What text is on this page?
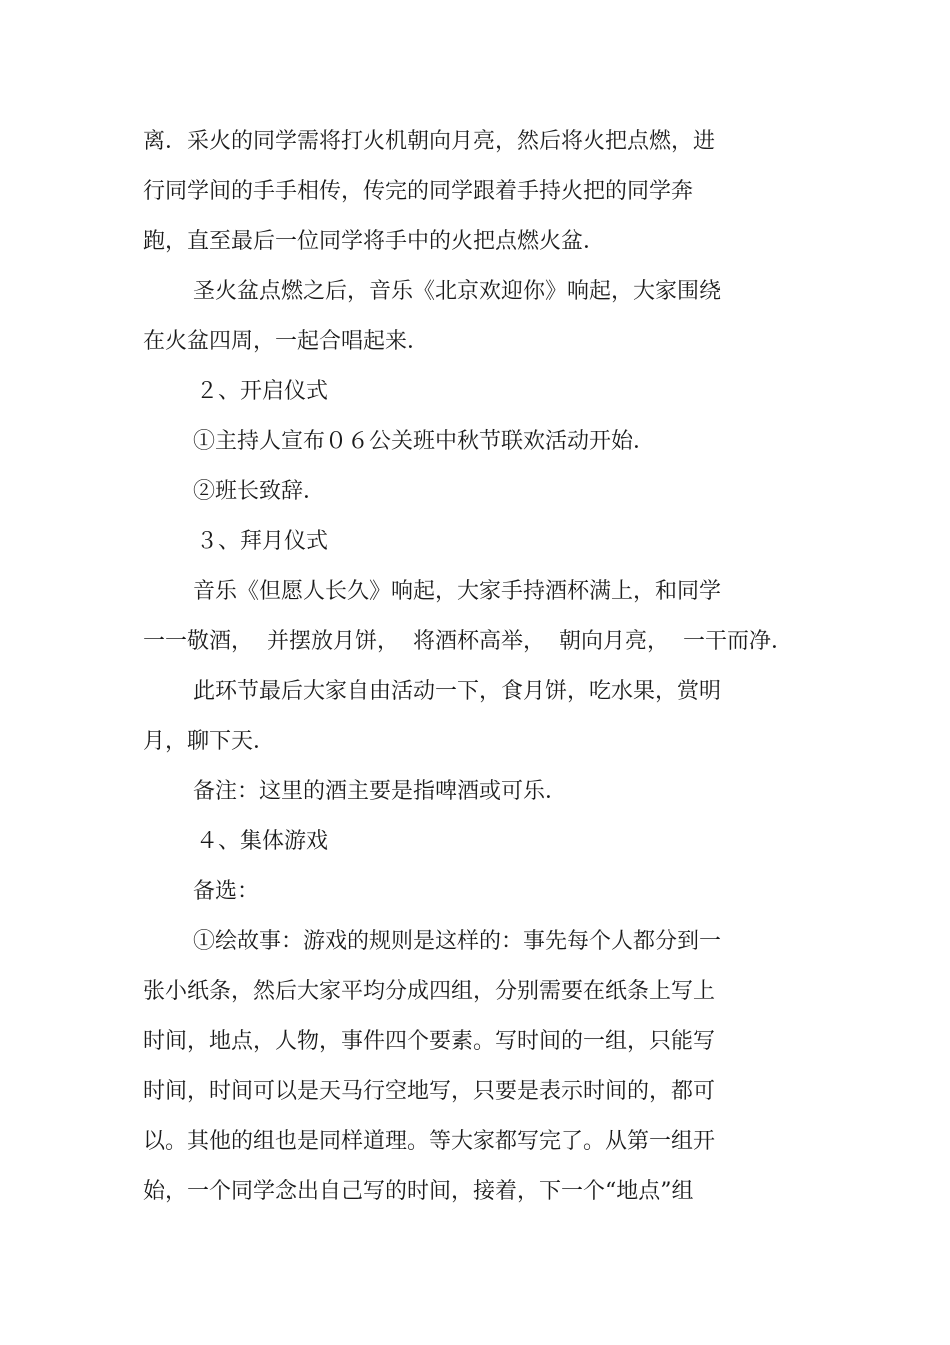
离．采火的同学需将打火机朝向月亮，然后将火把点燃，进
行同学间的手手相传，传完的同学跟着手持火把的同学奔
跑，直至最后一位同学将手中的火把点燃火盆．
圣火盆点燃之后，音乐《北京欢迎你》响起，大家围绕
在火盆四周，一起合唱起来．
２、开启仪式
①主持人宣布０６公关班中秋节联欢活动开始．
②班长致辞．
３、拜月仪式
音乐《但愿人长久》响起，大家手持酒杯满上，和同学
一一敬酒，  并摆放月饼，  将酒杯高举，  朝向月亮，  一干而净．
此环节最后大家自由活动一下，食月饼，吃水果，赏明
月，聊下天．
备注：这里的酒主要是指啤酒或可乐．
４、集体游戏
备选：
①绘故事：游戏的规则是这样的：事先每个人都分到一
张小纸条，然后大家平均分成四组，分别需要在纸条上写上
时间，地点，人物，事件四个要素。写时间的一组，只能写
时间，时间可以是天马行空地写，只要是表示时间的，都可
以。其他的组也是同样道理。等大家都写完了。从第一组开
始，一个同学念出自己写的时间，接着，下一个“地点”组
